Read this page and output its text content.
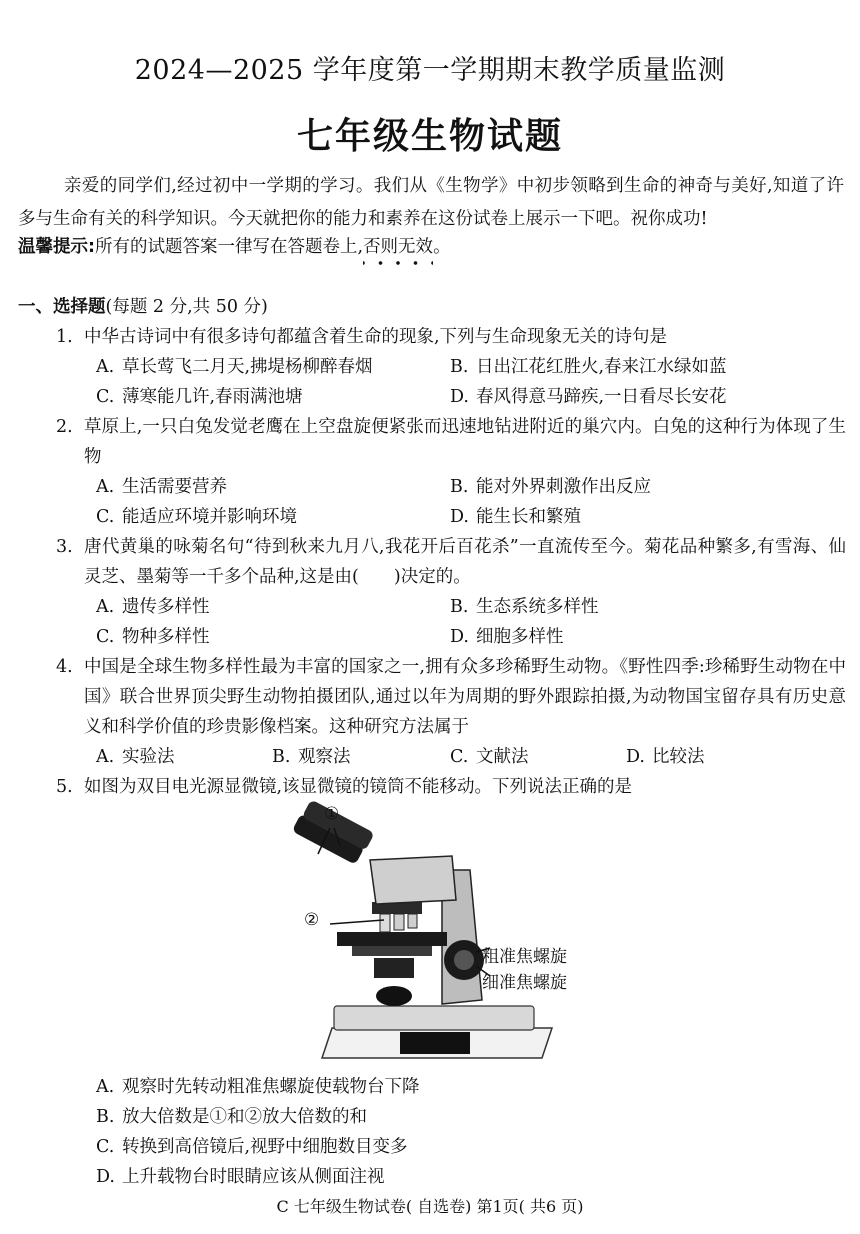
2024—2025 学年度第一学期期末教学质量监测
七年级生物试题
亲爱的同学们,经过初中一学期的学习。我们从《生物学》中初步领略到生命的神奇与美好,知道了许多与生命有关的科学知识。今天就把你的能力和素养在这份试卷上展示一下吧。祝你成功!
温馨提示:所有的试题答案一律写在答题卷上,否则无效。
一、选择题(每题 2 分,共 50 分)
1. 中华古诗词中有很多诗句都蕴含着生命的现象,下列与生命现象无关的诗句是
A. 草长莺飞二月天,拂堤杨柳醉春烟	B. 日出江花红胜火,春来江水绿如蓝
C. 薄寒能几许,春雨满池塘	D. 春风得意马蹄疾,一日看尽长安花
2. 草原上,一只白兔发觉老鹰在上空盘旋便紧张而迅速地钻进附近的巢穴内。白兔的这种行为体现了生物
A. 生活需要营养	B. 能对外界刺激作出反应
C. 能适应环境并影响环境	D. 能生长和繁殖
3. 唐代黄巢的咏菊名句“待到秋来九月八,我花开后百花杀”一直流传至今。菊花品种繁多,有雪海、仙灵芝、墨菊等一千多个品种,这是由(　　)决定的。
A. 遗传多样性	B. 生态系统多样性
C. 物种多样性	D. 细胞多样性
4. 中国是全球生物多样性最为丰富的国家之一,拥有众多珍稀野生动物。《野性四季:珍稀野生动物在中国》联合世界顶尖野生动物拍摄团队,通过以年为周期的野外跟踪拍摄,为动物国宝留存具有历史意义和科学价值的珍贵影像档案。这种研究方法属于
A. 实验法	B. 观察法	C. 文献法	D. 比较法
5. 如图为双目电光源显微镜,该显微镜的镜筒不能移动。下列说法正确的是
①
②
粗准焦螺旋
细准焦螺旋
A. 观察时先转动粗准焦螺旋使载物台下降
B. 放大倍数是①和②放大倍数的和
C. 转换到高倍镜后,视野中细胞数目变多
D. 上升载物台时眼睛应该从侧面注视
C 七年级生物试卷( 自选卷) 第1页( 共6 页)
